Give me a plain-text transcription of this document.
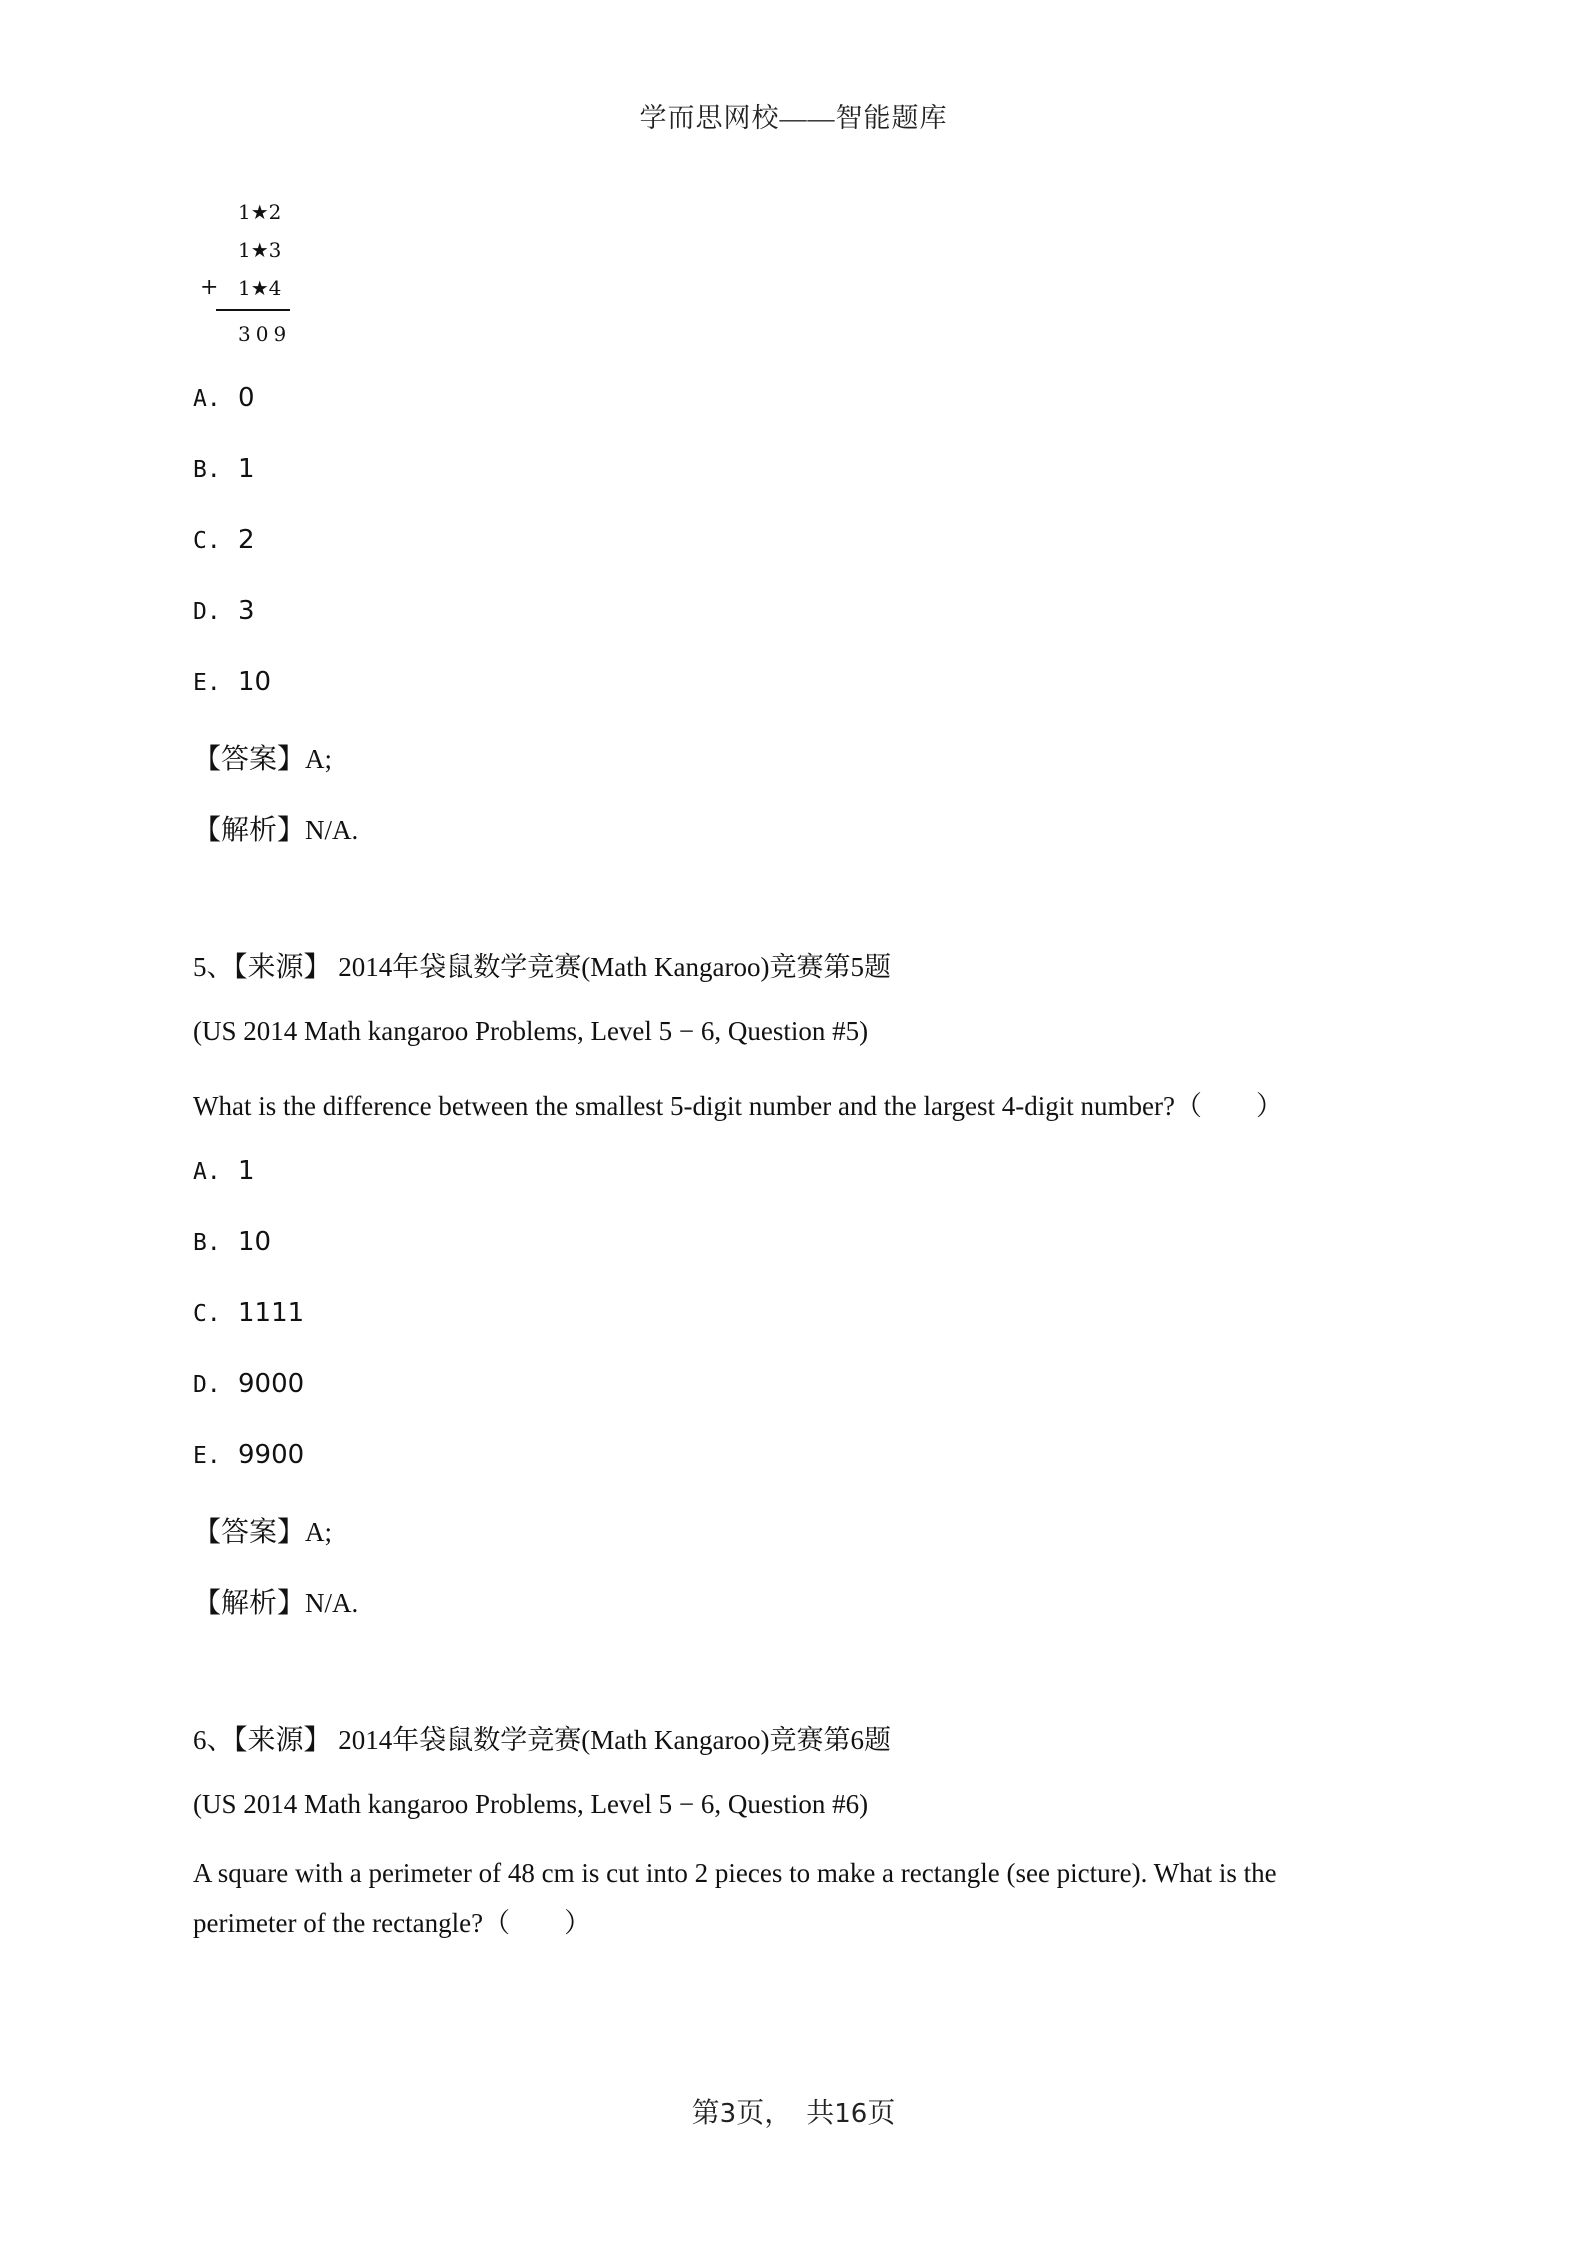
学而思网校——智能题库
1★2
1★3
+ 1★4
309
A. 0
B. 1
C. 2
D. 3
E. 10
【答案】A;
【解析】N/A.
5、【来源】 2014年袋鼠数学竞赛(Math Kangaroo)竞赛第5题
(US 2014 Math kangaroo Problems, Level 5 − 6, Question #5)
What is the difference between the smallest 5-digit number and the largest 4-digit number?（　　）
A. 1
B. 10
C. 1111
D. 9000
E. 9900
【答案】A;
【解析】N/A.
6、【来源】 2014年袋鼠数学竞赛(Math Kangaroo)竞赛第6题
(US 2014 Math kangaroo Problems, Level 5 − 6, Question #6)
A square with a perimeter of 48 cm is cut into 2 pieces to make a rectangle (see picture). What is the
perimeter of the rectangle?（　　）
第3页，　共16页
